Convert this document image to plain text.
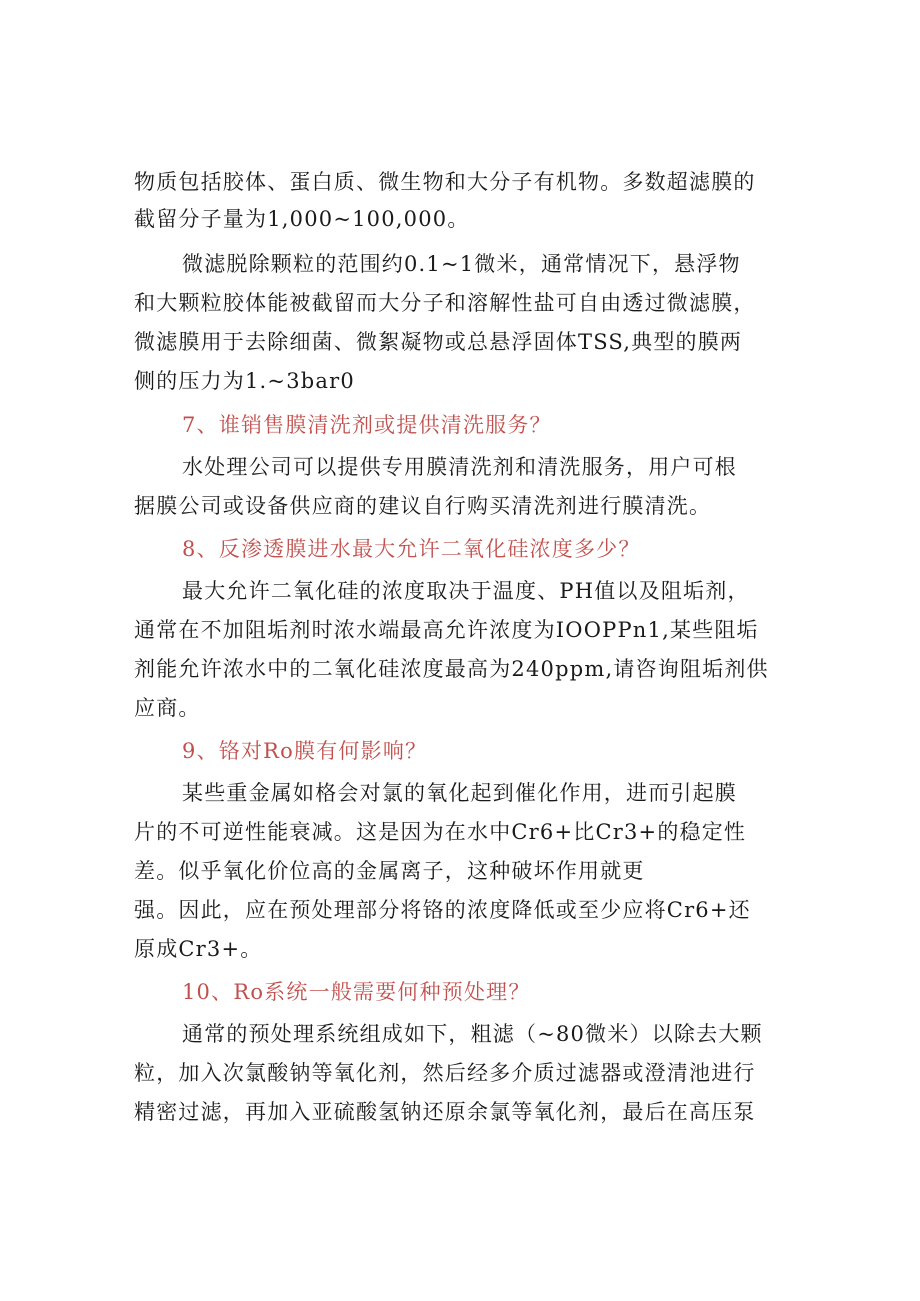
物质包括胶体、蛋白质、微生物和大分子有机物。多数超滤膜的
截留分子量为1,000~100,000。
微滤脱除颗粒的范围约0.1~1微米，通常情况下，悬浮物
和大颗粒胶体能被截留而大分子和溶解性盐可自由透过微滤膜，
微滤膜用于去除细菌、微絮凝物或总悬浮固体TSS,典型的膜两
侧的压力为1.~3bar0
7、谁销售膜清洗剂或提供清洗服务？
水处理公司可以提供专用膜清洗剂和清洗服务，用户可根
据膜公司或设备供应商的建议自行购买清洗剂进行膜清洗。
8、反渗透膜进水最大允许二氧化硅浓度多少？
最大允许二氧化硅的浓度取决于温度、PH值以及阻垢剂，
通常在不加阻垢剂时浓水端最高允许浓度为IOOPPn1,某些阻垢
剂能允许浓水中的二氧化硅浓度最高为240ppm,请咨询阻垢剂供
应商。
9、铬对Ro膜有何影响？
某些重金属如格会对氯的氧化起到催化作用，进而引起膜
片的不可逆性能衰减。这是因为在水中Cr6+比Cr3+的稳定性
差。似乎氧化价位高的金属离子，这种破坏作用就更
强。因此，应在预处理部分将铬的浓度降低或至少应将Cr6+还
原成Cr3+。
10、Ro系统一般需要何种预处理？
通常的预处理系统组成如下，粗滤（~80微米）以除去大颗
粒，加入次氯酸钠等氧化剂，然后经多介质过滤器或澄清池进行
精密过滤，再加入亚硫酸氢钠还原余氯等氧化剂，最后在高压泵
